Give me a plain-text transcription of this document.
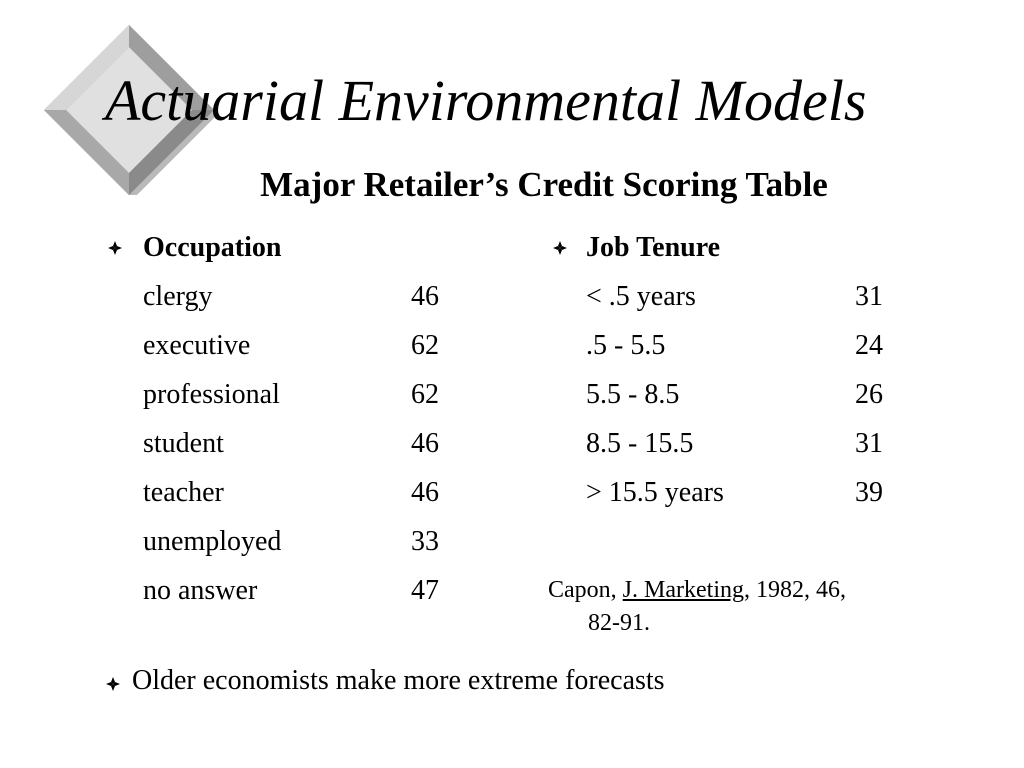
Actuarial Environmental Models
Major Retailer’s Credit Scoring Table
Occupation
clergy	46
executive	62
professional	62
student	46
teacher	46
unemployed	33
no answer	47
Job Tenure
< .5 years	31
.5 - 5.5	24
5.5 - 8.5	26
8.5 - 15.5	31
> 15.5 years	39
Capon, J. Marketing, 1982, 46,
82-91.
Older economists make more extreme forecasts
